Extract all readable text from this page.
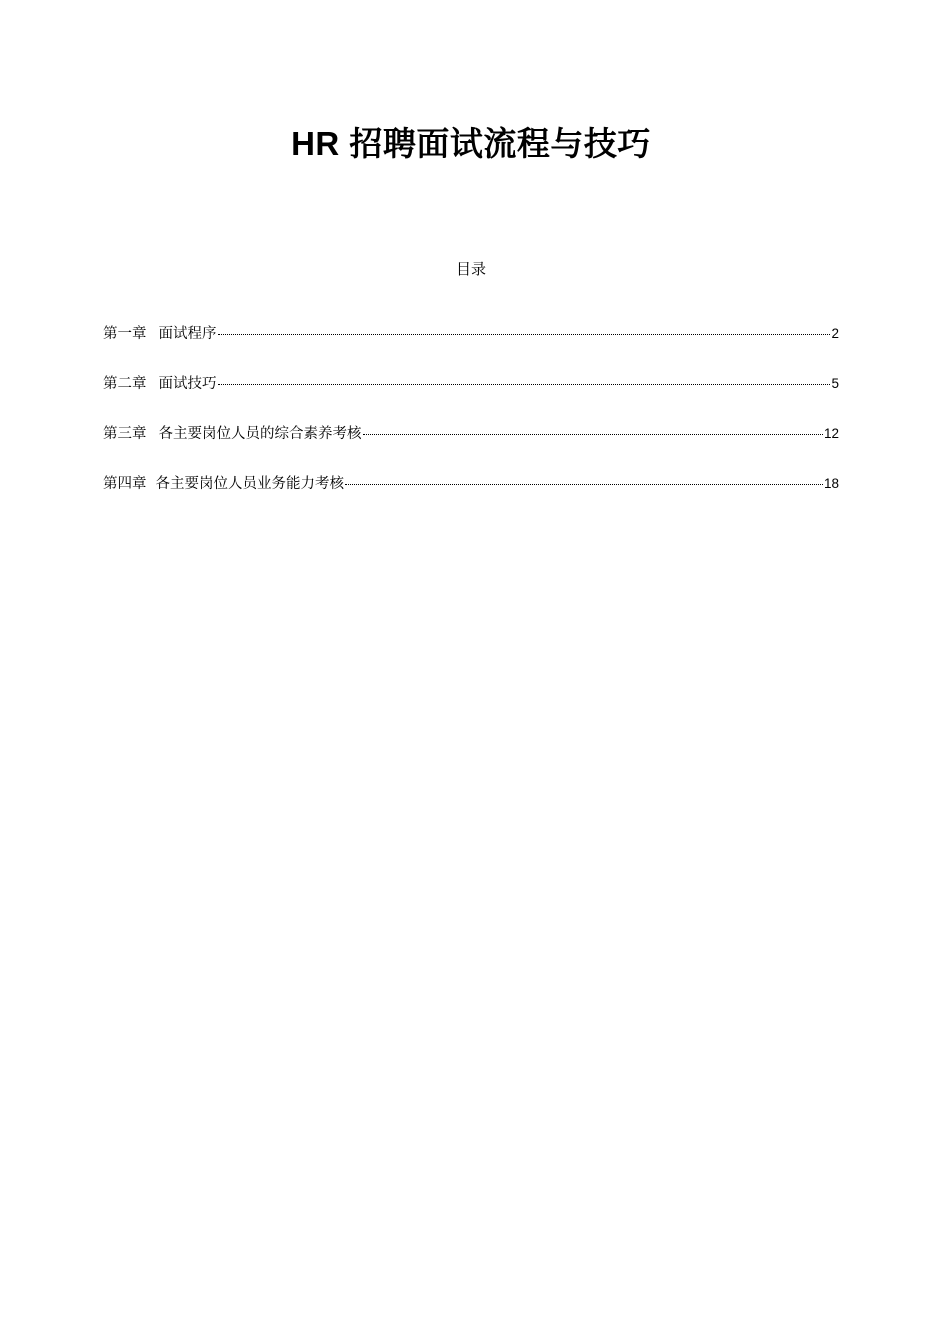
HR 招聘面试流程与技巧
目录
第一章 面试程序	2
第二章 面试技巧	5
第三章 各主要岗位人员的综合素养考核	12
第四章 各主要岗位人员业务能力考核	18
